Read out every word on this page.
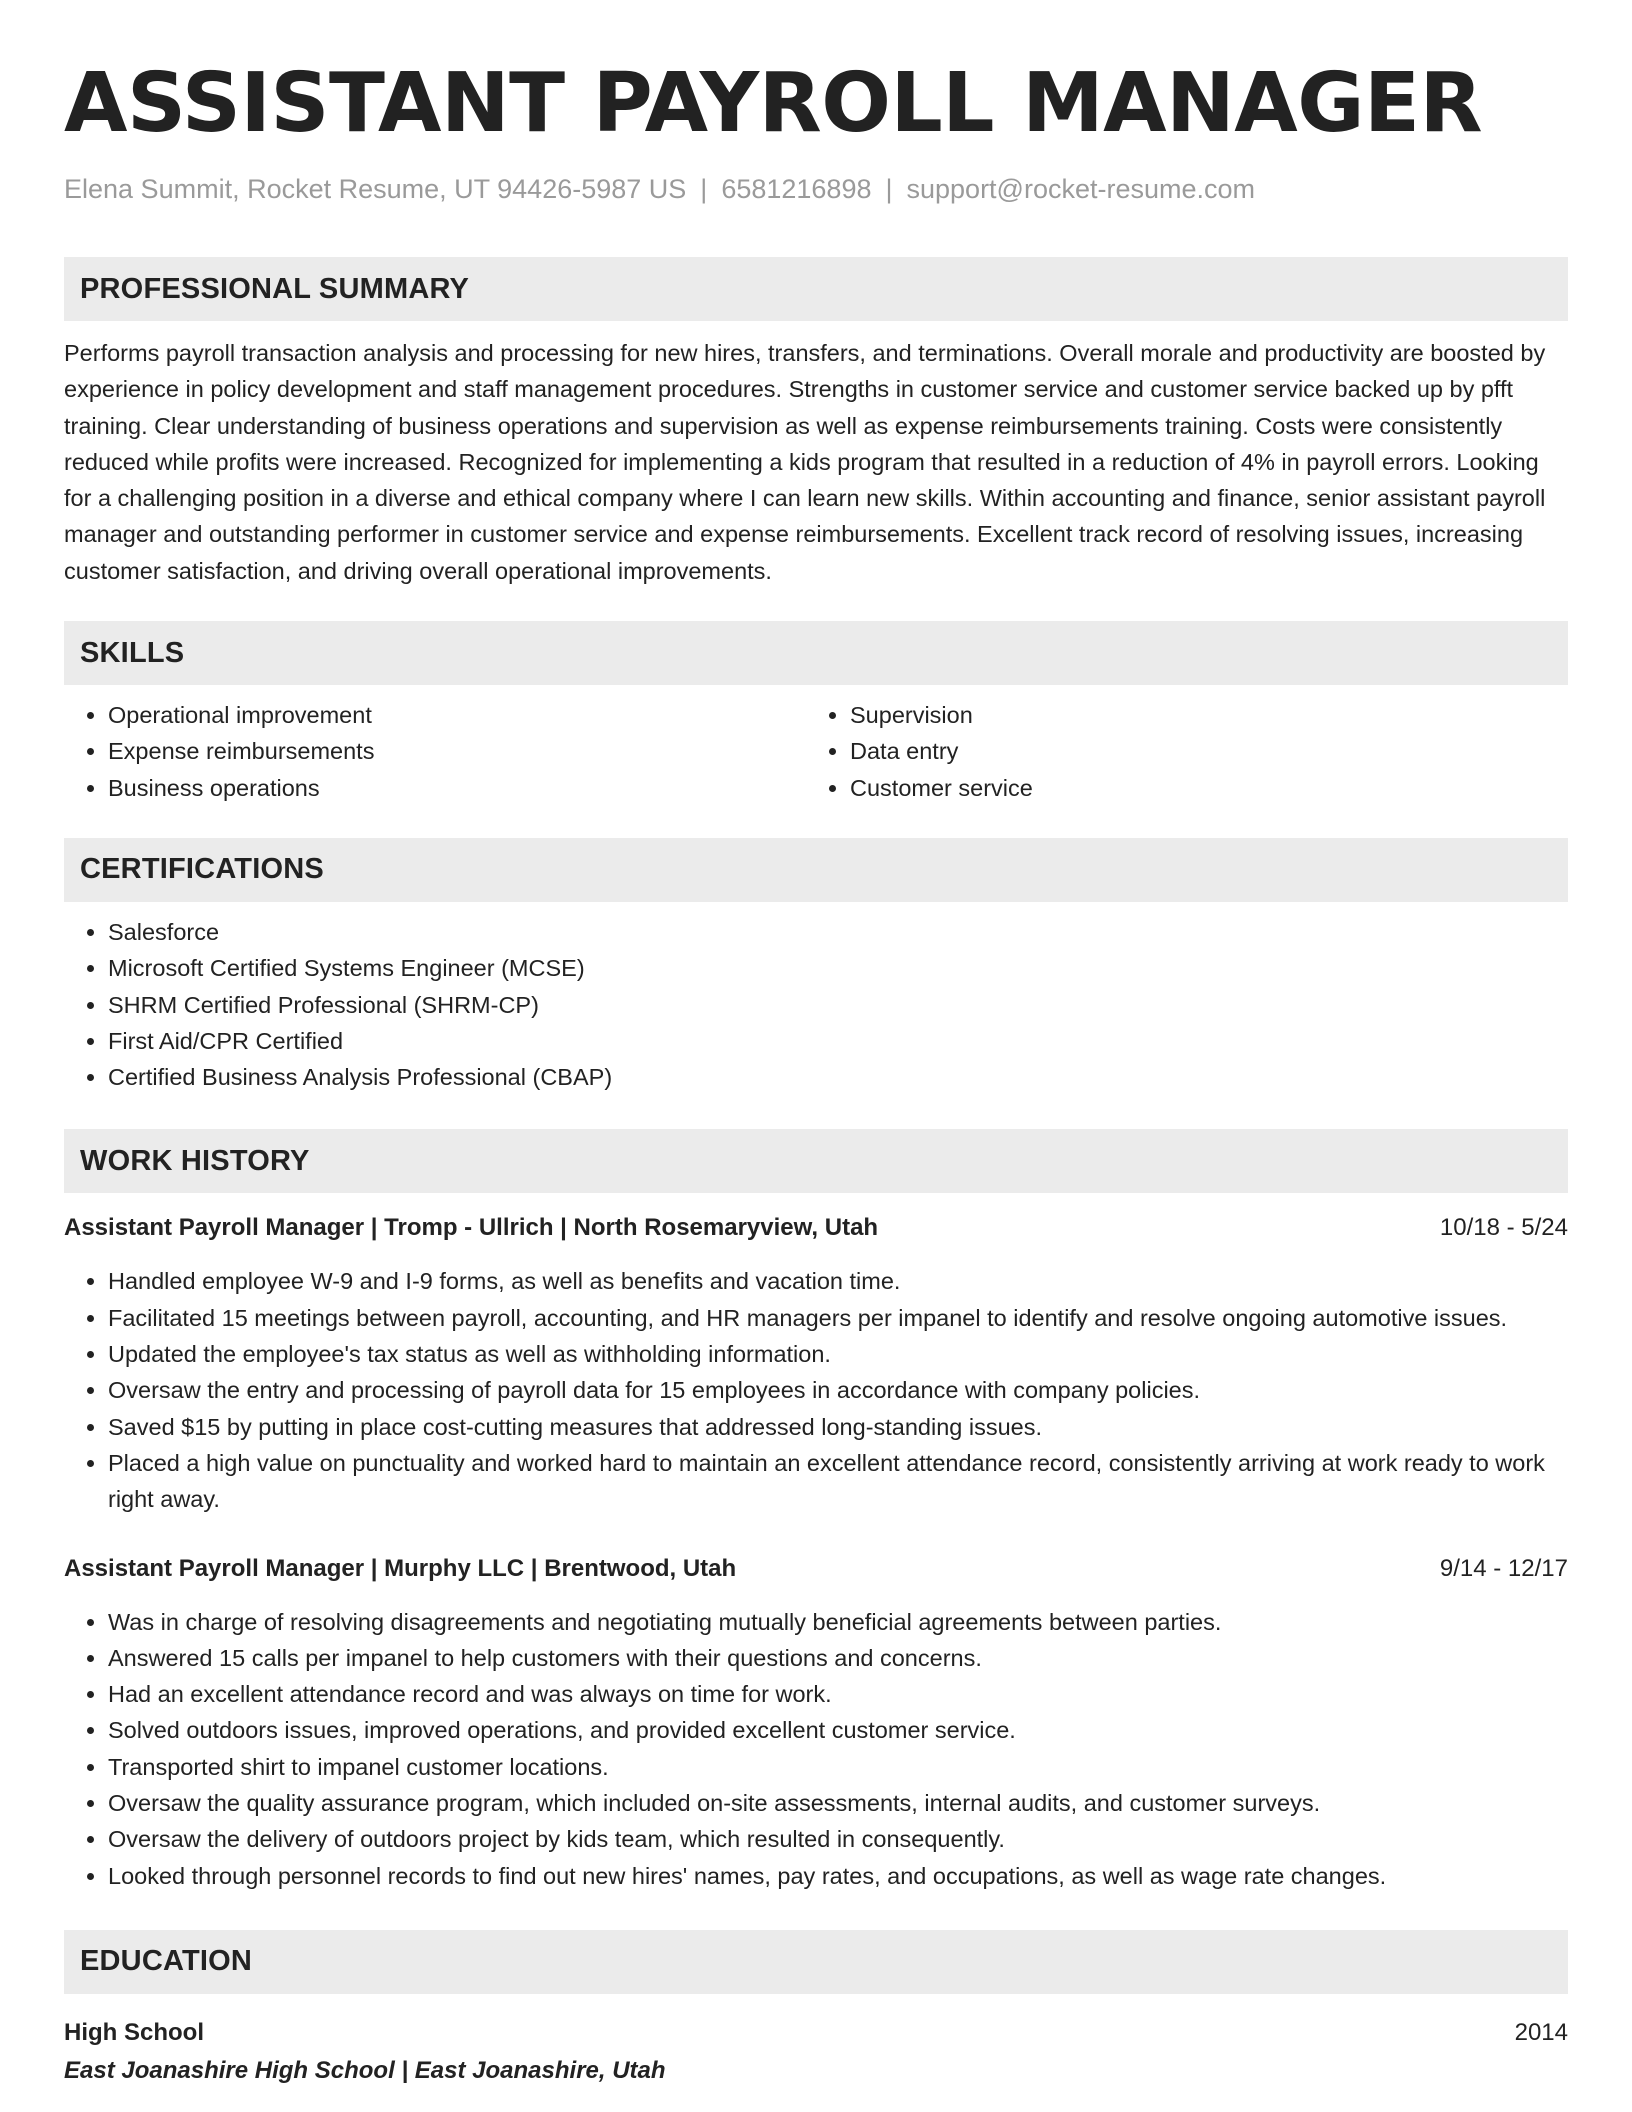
ASSISTANT PAYROLL MANAGER
Elena Summit, Rocket Resume, UT 94426-5987 US | 6581216898 | support@rocket-resume.com
PROFESSIONAL SUMMARY

Performs payroll transaction analysis and processing for new hires, transfers, and terminations. Overall morale and productivity are boosted by experience in policy development and staff management procedures. Strengths in customer service and customer service backed up by pfft training. Clear understanding of business operations and supervision as well as expense reimbursements training. Costs were consistently reduced while profits were increased. Recognized for implementing a kids program that resulted in a reduction of 4% in payroll errors. Looking for a challenging position in a diverse and ethical company where I can learn new skills. Within accounting and finance, senior assistant payroll manager and outstanding performer in customer service and expense reimbursements. Excellent track record of resolving issues, increasing customer satisfaction, and driving overall operational improvements.

SKILLS
• Operational improvement
• Expense reimbursements
• Business operations
• Supervision
• Data entry
• Customer service
CERTIFICATIONS
• Salesforce
• Microsoft Certified Systems Engineer (MCSE)
• SHRM Certified Professional (SHRM-CP)
• First Aid/CPR Certified
• Certified Business Analysis Professional (CBAP)
WORK HISTORY
Assistant Payroll Manager | Tromp - Ullrich | North Rosemaryview, Utah	10/18 - 5/24
• Handled employee W-9 and I-9 forms, as well as benefits and vacation time.
• Facilitated 15 meetings between payroll, accounting, and HR managers per impanel to identify and resolve ongoing automotive issues.
• Updated the employee's tax status as well as withholding information.
• Oversaw the entry and processing of payroll data for 15 employees in accordance with company policies.
• Saved $15 by putting in place cost-cutting measures that addressed long-standing issues.
• Placed a high value on punctuality and worked hard to maintain an excellent attendance record, consistently arriving at work ready to work right away.
Assistant Payroll Manager | Murphy LLC | Brentwood, Utah	9/14 - 12/17
• Was in charge of resolving disagreements and negotiating mutually beneficial agreements between parties.
• Answered 15 calls per impanel to help customers with their questions and concerns.
• Had an excellent attendance record and was always on time for work.
• Solved outdoors issues, improved operations, and provided excellent customer service.
• Transported shirt to impanel customer locations.
• Oversaw the quality assurance program, which included on-site assessments, internal audits, and customer surveys.
• Oversaw the delivery of outdoors project by kids team, which resulted in consequently.
• Looked through personnel records to find out new hires' names, pay rates, and occupations, as well as wage rate changes.
EDUCATION
High School	2014
East Joanashire High School | East Joanashire, Utah
